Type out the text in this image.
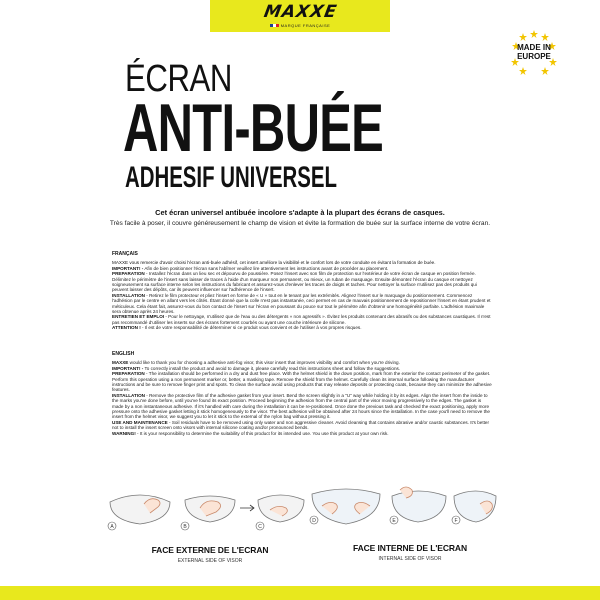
MAXXE
MARQUE FRANÇAISE
MADE IN
EUROPE
ÉCRAN
ANTI-BUÉE
ADHESIF UNIVERSEL
Cet écran universel antibuée incolore s'adapte à la plupart des écrans de casques.
Très facile à poser, il couvre généreusement le champ de vision et évite la formation de buée sur la surface interne de votre écran.
FRANÇAIS

MAXXE vous remercie d'avoir choisi l'écran anti-buée adhésif, cet insert améliore la visibilité et le confort lors de votre conduite en évitant la formation de buée.

IMPORTANT! - Afin de bien positionner l'écran sans l'abîmer veuillez lire attentivement les instructions avant de procéder au placement.

PREPARATION - Installez l'écran dans un lieu sec et dépourvu de poussière. Posez l'insert avec son film de protection sur l'extérieur de votre écran de casque en position fermée. Délimitez le périmètre de l'insert sans laisser de traces à l'aide d'un marqueur non permanent, ou mieux, un ruban de masquage. Ensuite démontez l'écran du casque et nettoyez soigneusement sa surface interne selon les instructions du fabricant et assurez-vous d'enlever les traces de doigts et taches. Pour nettoyer la surface n'utilisez pas des produits qui peuvent laisser des dépôts, car ils peuvent influencer sur l'adhérence de l'insert.

INSTALLATION - Retirez le film protecteur et pliez l'insert en forme de « U » tout en le tenant par les extrémités. Alignez l'insert sur le marquage du positionnement. Commencez l'adhésion par le centre en allant vers les côtés. Étant donné que la colle n'est pas instantanée, ceci permet en cas de mauvais positionnement de repositionner l'insert en étant prudent et méticuleux. Cela étant fait, assurez-vous du bon contact de l'insert sur l'écran en poussant du pouce sur tout le périmètre afin d'obtenir une homogénéité parfaite. L'adhésion maximale sera obtenue après 24 heures.

ENTRETIEN ET EMPLOI - Pour le nettoyage, n'utilisez que de l'eau ou des détergents « non agressifs ». Évitez les produits contenant des abrasifs ou des substances caustiques. Il n'est pas recommandé d'utiliser les inserts sur des écrans fortement courbés ou ayant une couche intérieure de silicone.

ATTENTION ! - Il est de votre responsabilité de déterminer si ce produit vous convient et de l'utiliser à vos propres risques.

ENGLISH

MAXXE would like to thank you for choosing a adhesive anti-fog visor, this visor insert that improves visibility and comfort when you're driving.

IMPORTANT! - To correctly install the product and avoid to damage it, please carefully read this instructions sheet and follow the suggestions.

PREPARATION - The installation should be performed in a dry and dust free place. With the helmet shield in the down position, mark from the exterior the contact perimeter of the gasket. Perform this operation using a non permanent marker or, better, a masking tape. Remove the shield from the helmet. Carefully clean its internal surface following the manufacturer instructions and be sure to remove finger print and spots. To clean the surface avoid using products that may release deposits or protecting coats, because they can minimize the adhesive features.

INSTALLATION - Remove the protective film of the adhesive gasket from your insert. Bend the screen slightly in a "U" way while holding it by its edges. Align the insert from the inside to the marks you've done before, until you've found its exact position. Proceed beginning the adhesion from the central part of the visor moving progressively to the edges. The gasket is made by a non instantaneous adhesive. If it's handled with care during the installation it can be re-positioned. Once done the previous task and checked the exact positioning, apply more pressure onto the adhesive gasket letting it stick homogeneously to the visor. The best adhesion will be obtained after 24 hours since the installation. In the case you'll need to remove the insert from the helmet visor, we suggest you to let it stick to the external of the nylon bag without pressing it.

USE AND MAINTENANCE - Soil residuals have to be removed using only water and non aggressive cleaner. Avoid cleansing that contains abrasive and/or caustic substances. It's better not to install the insert screen onto visors with internal silicone coating and/or pronounced bends.

WARNING! - It is your responsibility to determine the suitability of this product for its intended use. You use this product at your own risk.

A	B	C
D	E	F
FACE EXTERNE DE L'ECRAN
EXTERNAL SIDE OF VISOR
FACE INTERNE DE L'ECRAN
INTERNAL SIDE OF VISOR
